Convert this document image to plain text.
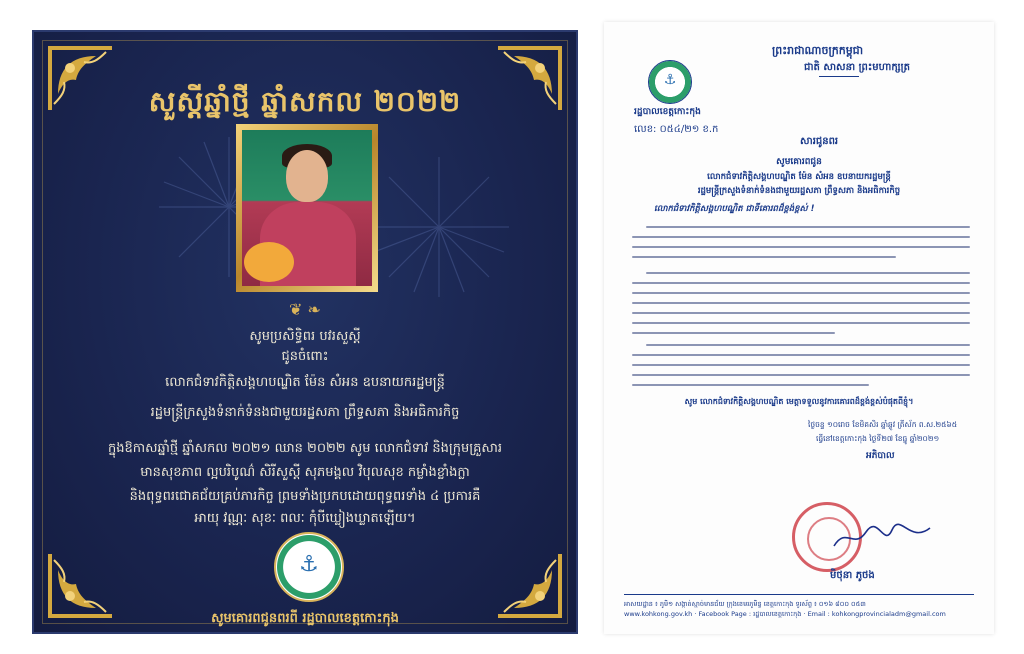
សួស្តីឆ្នាំថ្មី ឆ្នាំសកល ២០២២
❦ ❧
សូមប្រសិទ្ធិពរ បវរសួស្តី
ជូនចំពោះ
លោកជំទាវកិត្តិសង្គហបណ្ឌិត ម៉ែន សំអន ឧបនាយករដ្ឋមន្ត្រី
រដ្ឋមន្ត្រីក្រសួងទំនាក់ទំនងជាមួយរដ្ឋសភា ព្រឹទ្ធសភា និងអធិការកិច្ច
ក្នុងឱកាសឆ្នាំថ្មី ឆ្នាំសកល ២០២១ ឈាន ២០២២ សូម លោកជំទាវ និងក្រុមគ្រួសារ
មានសុខភាព ល្អបរិបូណ៌ សិរីសួស្តី សុភមង្គល វិបុលសុខ កម្លាំងខ្លាំងក្លា
និងពុទ្ធពរជោគជ័យគ្រប់ភារកិច្ច ព្រមទាំងប្រកបដោយពុទ្ធពរទាំង ៤ ប្រការគឺ
អាយុ វណ្ណៈ សុខៈ ពលៈ កុំបីឃ្លៀងឃ្លាតឡើយ។
⚓
សូមគោរពជូនពរពី រដ្ឋបាលខេត្តកោះកុង
ព្រះរាជាណាចក្រកម្ពុជា
ជាតិ សាសនា ព្រះមហាក្សត្រ
⚓
រដ្ឋបាលខេត្តកោះកុង
លេខ: ០៥៤/២១ ខ.ក
សារជូនពរ
សូមគោរពជូន
លោកជំទាវកិត្តិសង្គហបណ្ឌិត ម៉ែន សំអន ឧបនាយករដ្ឋមន្ត្រី
រដ្ឋមន្ត្រីក្រសួងទំនាក់ទំនងជាមួយរដ្ឋសភា ព្រឹទ្ធសភា និងអធិការកិច្ច
លោកជំទាវកិត្តិសង្គហបណ្ឌិត ជាទីគោរពដ៏ខ្ពង់ខ្ពស់ !
សូម លោកជំទាវកិត្តិសង្គហបណ្ឌិត មេត្តាទទួលនូវការគោរពដ៏ខ្ពង់ខ្ពស់បំផុតពីខ្ញុំ។
ថ្ងៃចន្ទ ១០រោច ខែមិគសិរ ឆ្នាំឆ្លូវ ត្រីស័ក ព.ស.២៥៦៥
ធ្វើនៅខេត្តកោះកុង ថ្ងៃទី២៧ ខែធ្នូ ឆ្នាំ២០២១
អភិបាល
មិថុនា ភូថង
អាសយដ្ឋាន ៖ ភូមិ១ សង្កាត់ស្មាច់មានជ័យ ក្រុងខេមរភូមិន្ទ ខេត្តកោះកុង ទូរស័ព្ទ ៖ ០១៦ ៨០០ ០៥៣
www.kohkong.gov.kh · Facebook Page : រដ្ឋបាលខេត្តកោះកុង · Email : kohkongprovincialadm@gmail.com
